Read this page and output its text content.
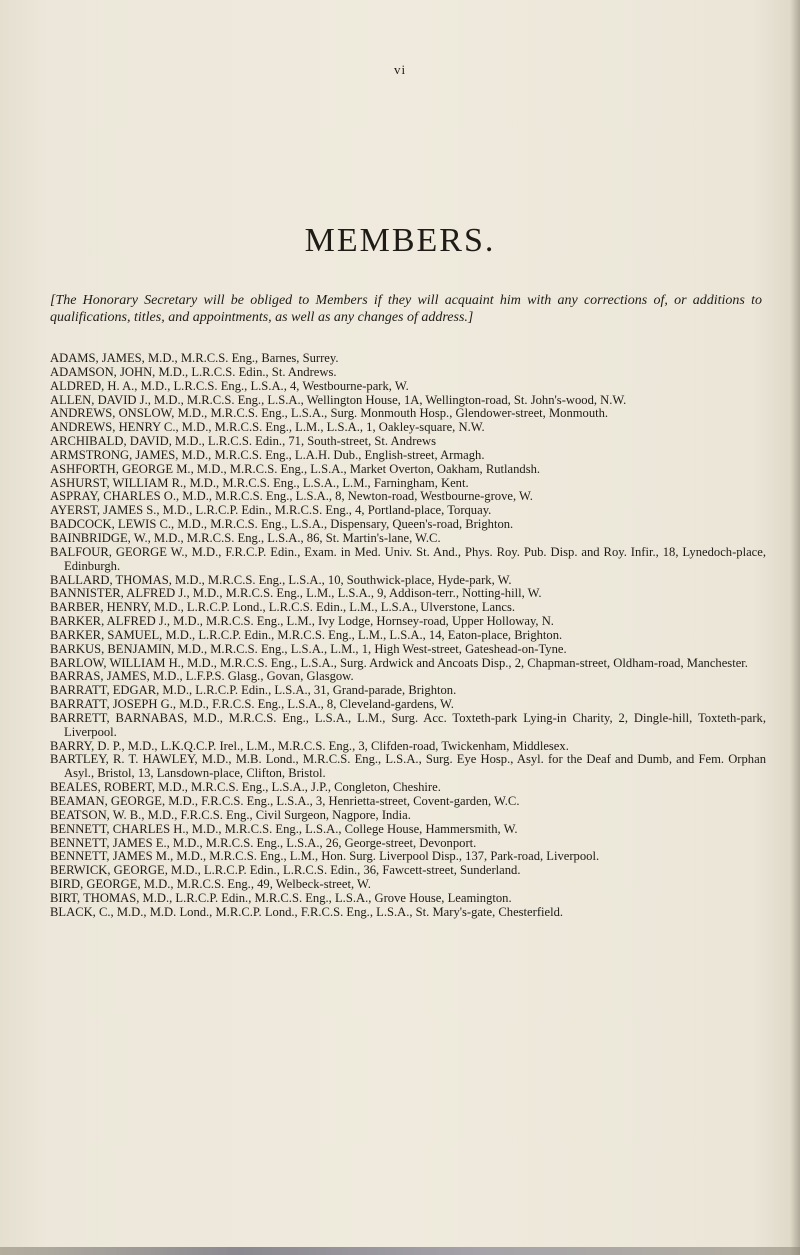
vi
MEMBERS.
[The Honorary Secretary will be obliged to Members if they will acquaint him with any corrections of, or additions to qualifications, titles, and appointments, as well as any changes of address.]

ADAMS, JAMES, M.D., M.R.C.S. Eng., Barnes, Surrey.

ADAMSON, JOHN, M.D., L.R.C.S. Edin., St. Andrews.

ALDRED, H. A., M.D., L.R.C.S. Eng., L.S.A., 4, Westbourne-park, W.

ALLEN, DAVID J., M.D., M.R.C.S. Eng., L.S.A., Wellington House, 1A, Wellington-road, St. John's-wood, N.W.

ANDREWS, ONSLOW, M.D., M.R.C.S. Eng., L.S.A., Surg. Monmouth Hosp., Glendower-street, Monmouth.

ANDREWS, HENRY C., M.D., M.R.C.S. Eng., L.M., L.S.A., 1, Oakley-square, N.W.

ARCHIBALD, DAVID, M.D., L.R.C.S. Edin., 71, South-street, St. Andrews

ARMSTRONG, JAMES, M.D., M.R.C.S. Eng., L.A.H. Dub., English-street, Armagh.

ASHFORTH, GEORGE M., M.D., M.R.C.S. Eng., L.S.A., Market Overton, Oakham, Rutlandsh.

ASHURST, WILLIAM R., M.D., M.R.C.S. Eng., L.S.A., L.M., Farningham, Kent.

ASPRAY, CHARLES O., M.D., M.R.C.S. Eng., L.S.A., 8, Newton-road, Westbourne-grove, W.

AYERST, JAMES S., M.D., L.R.C.P. Edin., M.R.C.S. Eng., 4, Portland-place, Torquay.

BADCOCK, LEWIS C., M.D., M.R.C.S. Eng., L.S.A., Dispensary, Queen's-road, Brighton.

BAINBRIDGE, W., M.D., M.R.C.S. Eng., L.S.A., 86, St. Martin's-lane, W.C.

BALFOUR, GEORGE W., M.D., F.R.C.P. Edin., Exam. in Med. Univ. St. And., Phys. Roy. Pub. Disp. and Roy. Infir., 18, Lynedoch-place, Edinburgh.

BALLARD, THOMAS, M.D., M.R.C.S. Eng., L.S.A., 10, Southwick-place, Hyde-park, W.

BANNISTER, ALFRED J., M.D., M.R.C.S. Eng., L.M., L.S.A., 9, Addison-terr., Notting-hill, W.

BARBER, HENRY, M.D., L.R.C.P. Lond., L.R.C.S. Edin., L.M., L.S.A., Ulverstone, Lancs.

BARKER, ALFRED J., M.D., M.R.C.S. Eng., L.M., Ivy Lodge, Hornsey-road, Upper Holloway, N.

BARKER, SAMUEL, M.D., L.R.C.P. Edin., M.R.C.S. Eng., L.M., L.S.A., 14, Eaton-place, Brighton.

BARKUS, BENJAMIN, M.D., M.R.C.S. Eng., L.S.A., L.M., 1, High West-street, Gateshead-on-Tyne.

BARLOW, WILLIAM H., M.D., M.R.C.S. Eng., L.S.A., Surg. Ardwick and Ancoats Disp., 2, Chapman-street, Oldham-road, Manchester.

BARRAS, JAMES, M.D., L.F.P.S. Glasg., Govan, Glasgow.

BARRATT, EDGAR, M.D., L.R.C.P. Edin., L.S.A., 31, Grand-parade, Brighton.

BARRATT, JOSEPH G., M.D., F.R.C.S. Eng., L.S.A., 8, Cleveland-gardens, W.

BARRETT, BARNABAS, M.D., M.R.C.S. Eng., L.S.A., L.M., Surg. Acc. Toxteth-park Lying-in Charity, 2, Dingle-hill, Toxteth-park, Liverpool.

BARRY, D. P., M.D., L.K.Q.C.P. Irel., L.M., M.R.C.S. Eng., 3, Clifden-road, Twickenham, Middlesex.

BARTLEY, R. T. HAWLEY, M.D., M.B. Lond., M.R.C.S. Eng., L.S.A., Surg. Eye Hosp., Asyl. for the Deaf and Dumb, and Fem. Orphan Asyl., Bristol, 13, Lansdown-place, Clifton, Bristol.

BEALES, ROBERT, M.D., M.R.C.S. Eng., L.S.A., J.P., Congleton, Cheshire.

BEAMAN, GEORGE, M.D., F.R.C.S. Eng., L.S.A., 3, Henrietta-street, Covent-garden, W.C.

BEATSON, W. B., M.D., F.R.C.S. Eng., Civil Surgeon, Nagpore, India.

BENNETT, CHARLES H., M.D., M.R.C.S. Eng., L.S.A., College House, Hammersmith, W.

BENNETT, JAMES E., M.D., M.R.C.S. Eng., L.S.A., 26, George-street, Devonport.

BENNETT, JAMES M., M.D., M.R.C.S. Eng., L.M., Hon. Surg. Liverpool Disp., 137, Park-road, Liverpool.

BERWICK, GEORGE, M.D., L.R.C.P. Edin., L.R.C.S. Edin., 36, Fawcett-street, Sunderland.

BIRD, GEORGE, M.D., M.R.C.S. Eng., 49, Welbeck-street, W.

BIRT, THOMAS, M.D., L.R.C.P. Edin., M.R.C.S. Eng., L.S.A., Grove House, Leamington.

BLACK, C., M.D., M.D. Lond., M.R.C.P. Lond., F.R.C.S. Eng., L.S.A., St. Mary's-gate, Chesterfield.
